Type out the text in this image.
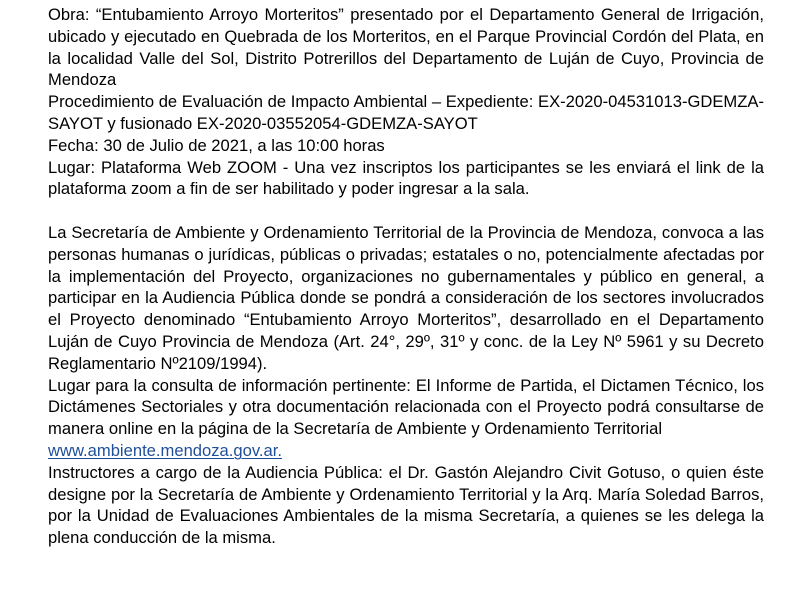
Obra: “Entubamiento Arroyo Morteritos” presentado por el Departamento General de Irrigación, ubicado y ejecutado en Quebrada de los Morteritos, en el Parque Provincial Cordón del Plata, en la localidad Valle del Sol, Distrito Potrerillos del Departamento de Luján de Cuyo, Provincia de Mendoza

Procedimiento de Evaluación de Impacto Ambiental – Expediente: EX-2020-04531013-GDEMZA-SAYOT y fusionado EX-2020-03552054-GDEMZA-SAYOT

Fecha: 30 de Julio de 2021, a las 10:00 horas

Lugar: Plataforma Web ZOOM - Una vez inscriptos los participantes se les enviará el link de la plataforma zoom a fin de ser habilitado y poder ingresar a la sala.

La Secretaría de Ambiente y Ordenamiento Territorial de la Provincia de Mendoza, convoca a las personas humanas o jurídicas, públicas o privadas; estatales o no, potencialmente afectadas por la implementación del Proyecto, organizaciones no gubernamentales y público en general, a participar en la Audiencia Pública donde se pondrá a consideración de los sectores involucrados el Proyecto denominado “Entubamiento Arroyo Morteritos”, desarrollado en el Departamento Luján de Cuyo Provincia de Mendoza (Art. 24°, 29º, 31º y conc. de la Ley Nº 5961 y su Decreto Reglamentario Nº2109/1994).

Lugar para la consulta de información pertinente: El Informe de Partida, el Dictamen Técnico, los Dictámenes Sectoriales y otra documentación relacionada con el Proyecto podrá consultarse de manera online en la página de la Secretaría de Ambiente y Ordenamiento Territorial

www.ambiente.mendoza.gov.ar.

Instructores a cargo de la Audiencia Pública: el Dr. Gastón Alejandro Civit Gotuso, o quien éste designe por la Secretaría de Ambiente y Ordenamiento Territorial y la Arq. María Soledad Barros, por la Unidad de Evaluaciones Ambientales de la misma Secretaría, a quienes se les delega la plena conducción de la misma.
